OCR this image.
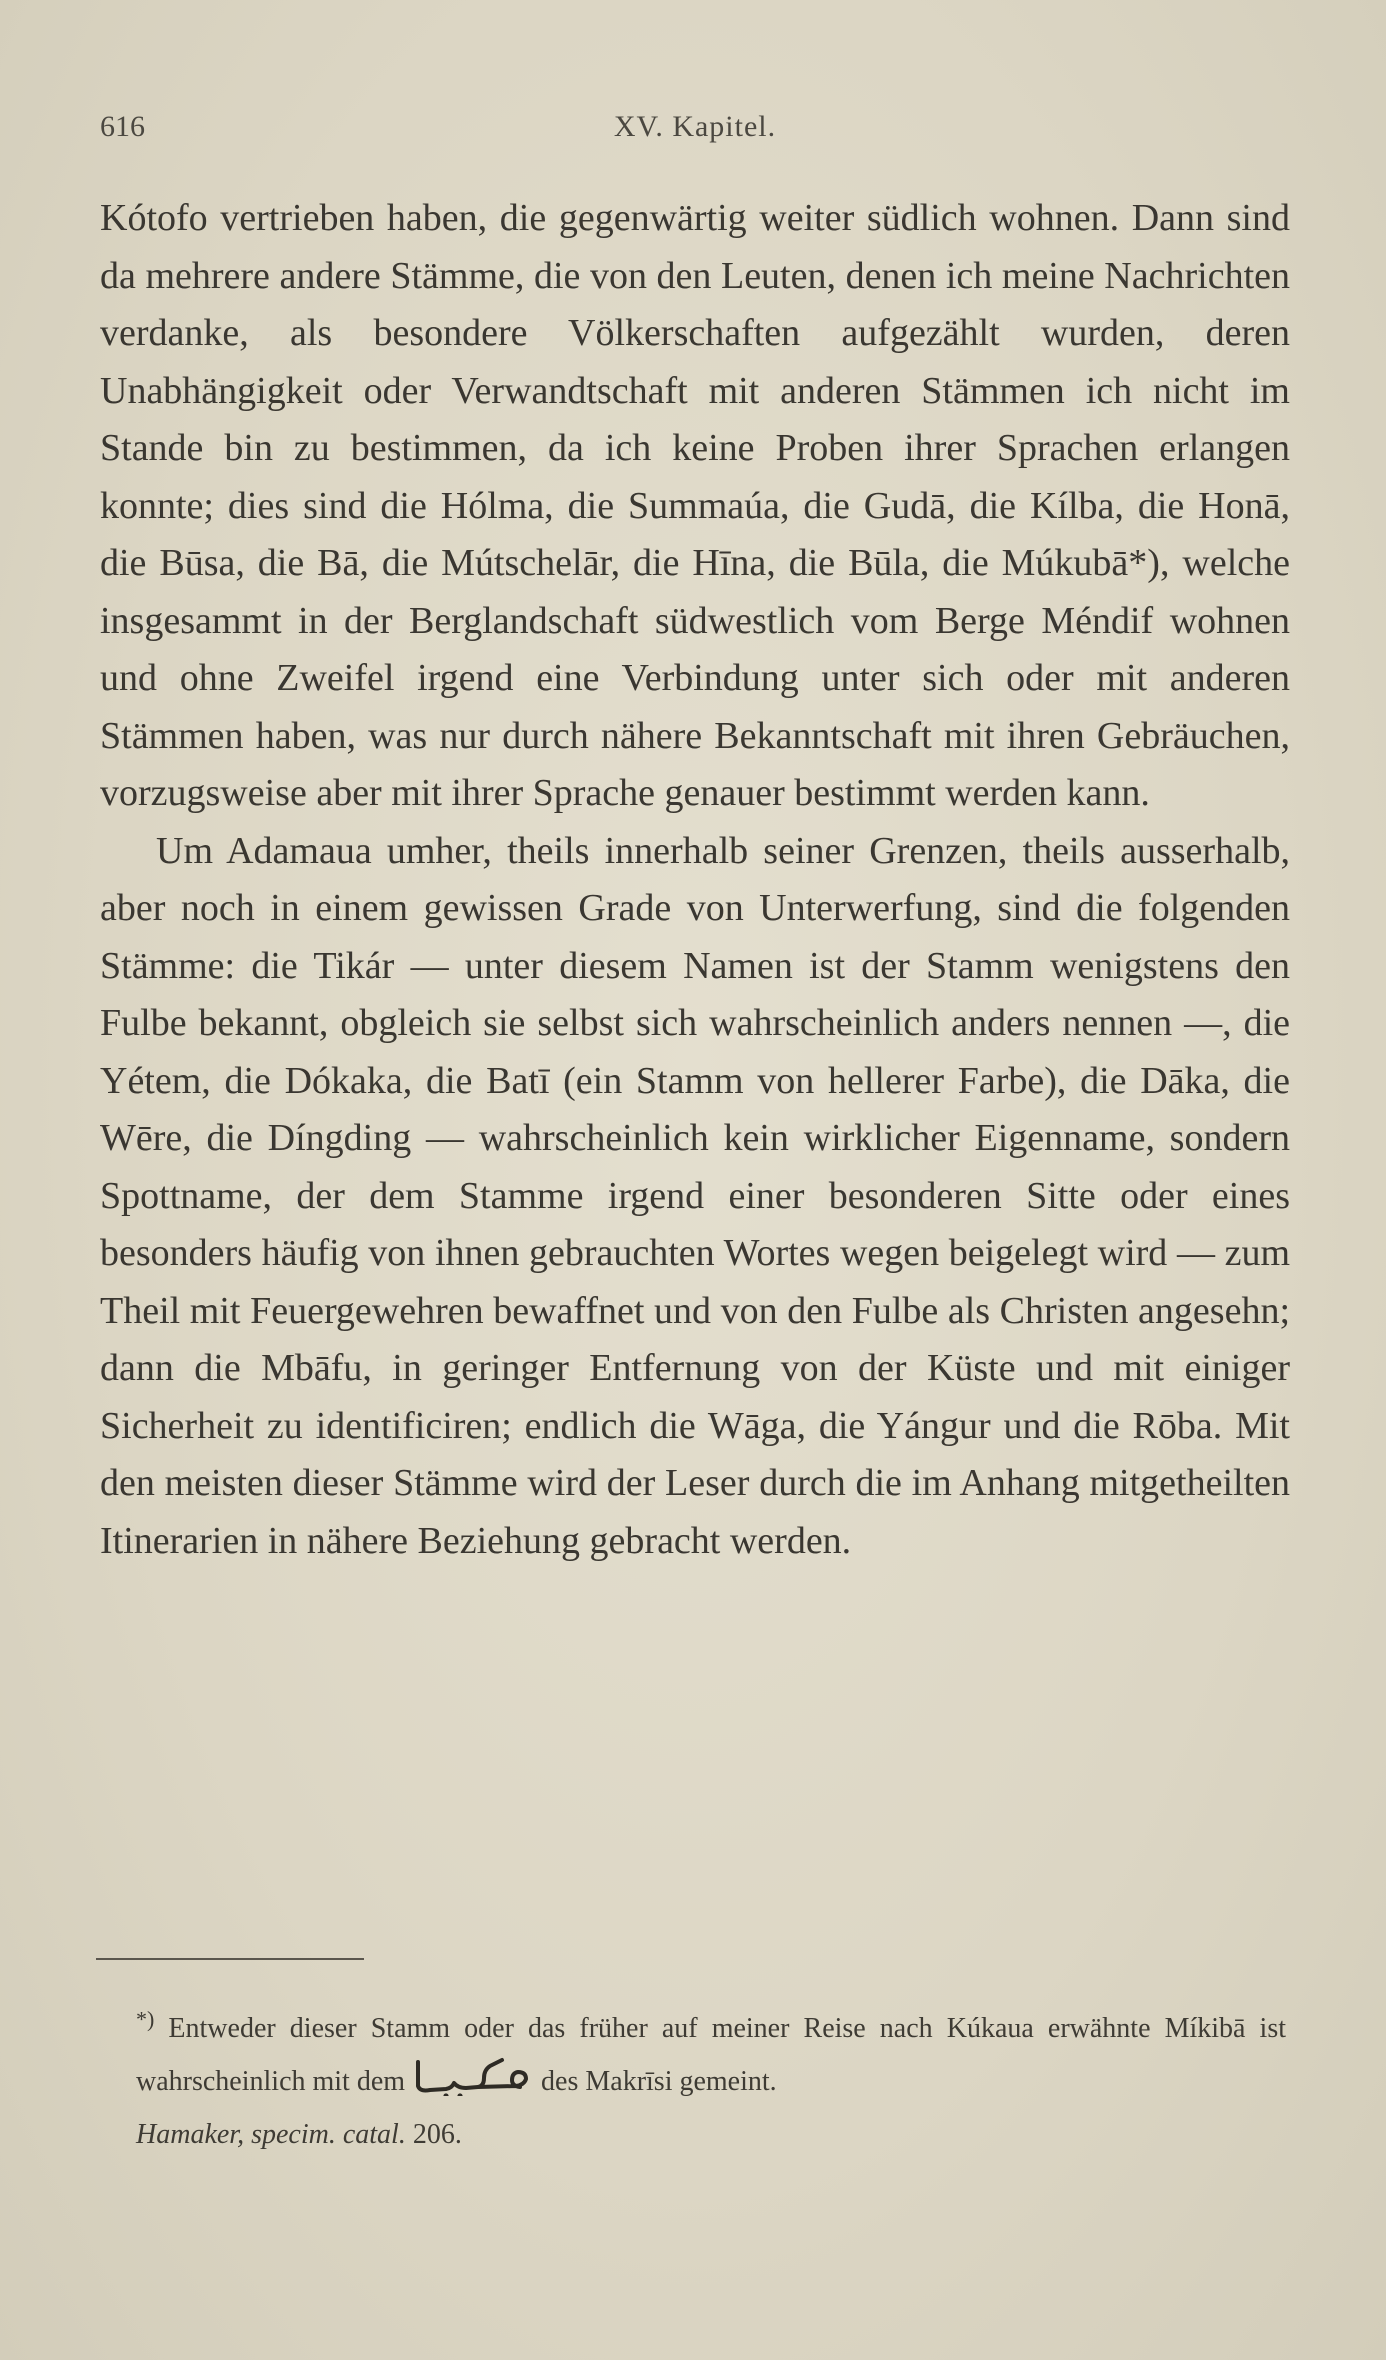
616	XV. Kapitel.

Kótofo vertrieben haben, die gegenwärtig weiter südlich wohnen. Dann sind da mehrere andere Stämme, die von den Leuten, denen ich meine Nachrichten verdanke, als besondere Völkerschaften aufgezählt wurden, deren Unabhängigkeit oder Verwandtschaft mit anderen Stämmen ich nicht im Stande bin zu bestimmen, da ich keine Proben ihrer Sprachen erlangen konnte; dies sind die Hólma, die Summaúa, die Gudā, die Kílba, die Honā, die Būsa, die Bā, die Mútschelār, die Hīna, die Būla, die Múkubā*), welche insgesammt in der Berglandschaft südwestlich vom Berge Méndif wohnen und ohne Zweifel irgend eine Verbindung unter sich oder mit anderen Stämmen haben, was nur durch nähere Bekanntschaft mit ihren Gebräuchen, vorzugsweise aber mit ihrer Sprache genauer bestimmt werden kann.

Um Adamaua umher, theils innerhalb seiner Grenzen, theils ausserhalb, aber noch in einem gewissen Grade von Unterwerfung, sind die folgenden Stämme: die Tikár — unter diesem Namen ist der Stamm wenigstens den Fulbe bekannt, obgleich sie selbst sich wahrscheinlich anders nennen —, die Yétem, die Dókaka, die Batī (ein Stamm von hellerer Farbe), die Dāka, die Wēre, die Díngding — wahrscheinlich kein wirklicher Eigenname, sondern Spottname, der dem Stamme irgend einer besonderen Sitte oder eines besonders häufig von ihnen gebrauchten Wortes wegen beigelegt wird — zum Theil mit Feuergewehren bewaffnet und von den Fulbe als Christen angesehn; dann die Mbāfu, in geringer Entfernung von der Küste und mit einiger Sicherheit zu identificiren; endlich die Wāga, die Yángur und die Rōba. Mit den meisten dieser Stämme wird der Leser durch die im Anhang mitgetheilten Itinerarien in nähere Beziehung gebracht werden.

*) Entweder dieser Stamm oder das früher auf meiner Reise nach Kúkaua erwähnte Míkibā ist wahrscheinlich mit dem	des Makrīsi gemeint.
Hamaker, specim. catal. 206.
